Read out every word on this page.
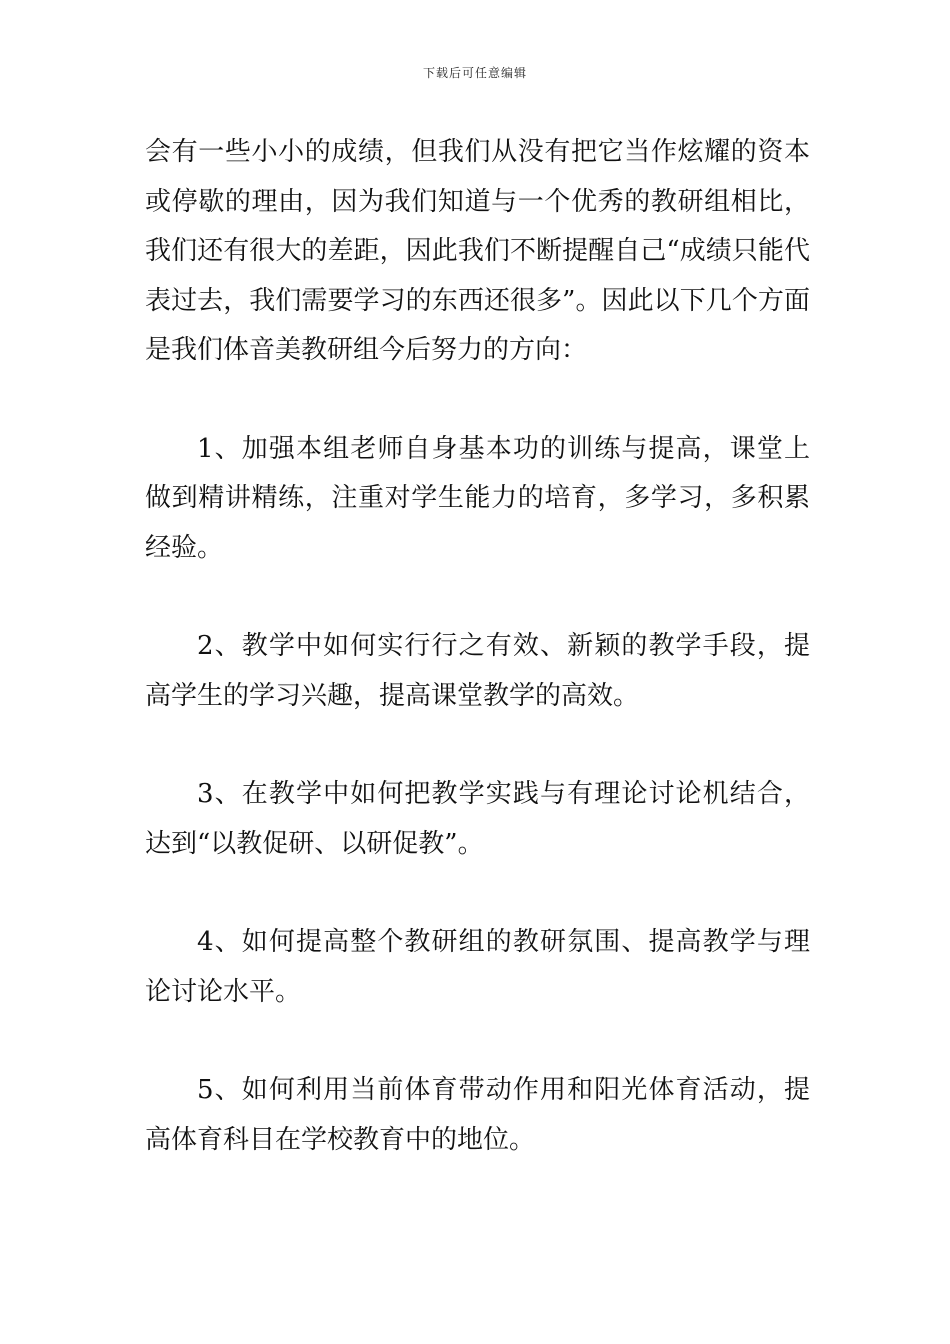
下载后可任意编辑

会有一些小小的成绩，但我们从没有把它当作炫耀的资本或停歇的理由，因为我们知道与一个优秀的教研组相比，我们还有很大的差距，因此我们不断提醒自己“成绩只能代表过去，我们需要学习的东西还很多”。因此以下几个方面是我们体音美教研组今后努力的方向：

1、加强本组老师自身基本功的训练与提高，课堂上做到精讲精练，注重对学生能力的培育，多学习，多积累经验。

2、教学中如何实行行之有效、新颖的教学手段，提高学生的学习兴趣，提高课堂教学的高效。

3、在教学中如何把教学实践与有理论讨论机结合，达到“以教促研、以研促教”。

4、如何提高整个教研组的教研氛围、提高教学与理论讨论水平。

5、如何利用当前体育带动作用和阳光体育活动，提高体育科目在学校教育中的地位。
